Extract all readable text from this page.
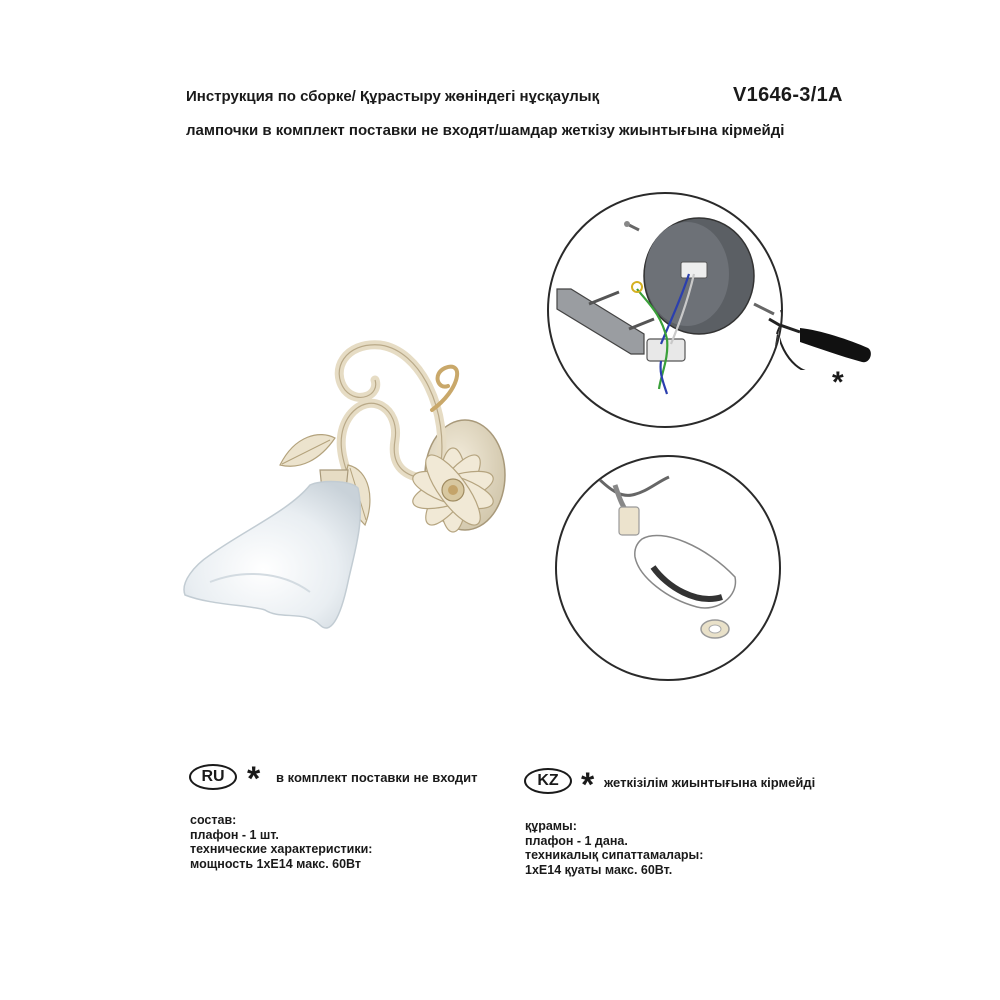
Инструкция по сборке/ Құрастыру жөніндегі нұсқаулық	V1646-3/1A
лампочки в комплект поставки не входят/шамдар жеткізу жиынтығына кірмейді
*
RU * в комплект поставки не входит
состав:
плафон - 1 шт.
технические характеристики:
мощность 1хE14 макс. 60Вт
KZ * жеткізілім жиынтығына кірмейді
құрамы:
плафон - 1 дана.
техникалық сипаттамалары:
1хE14 қуаты макс. 60Вт.
